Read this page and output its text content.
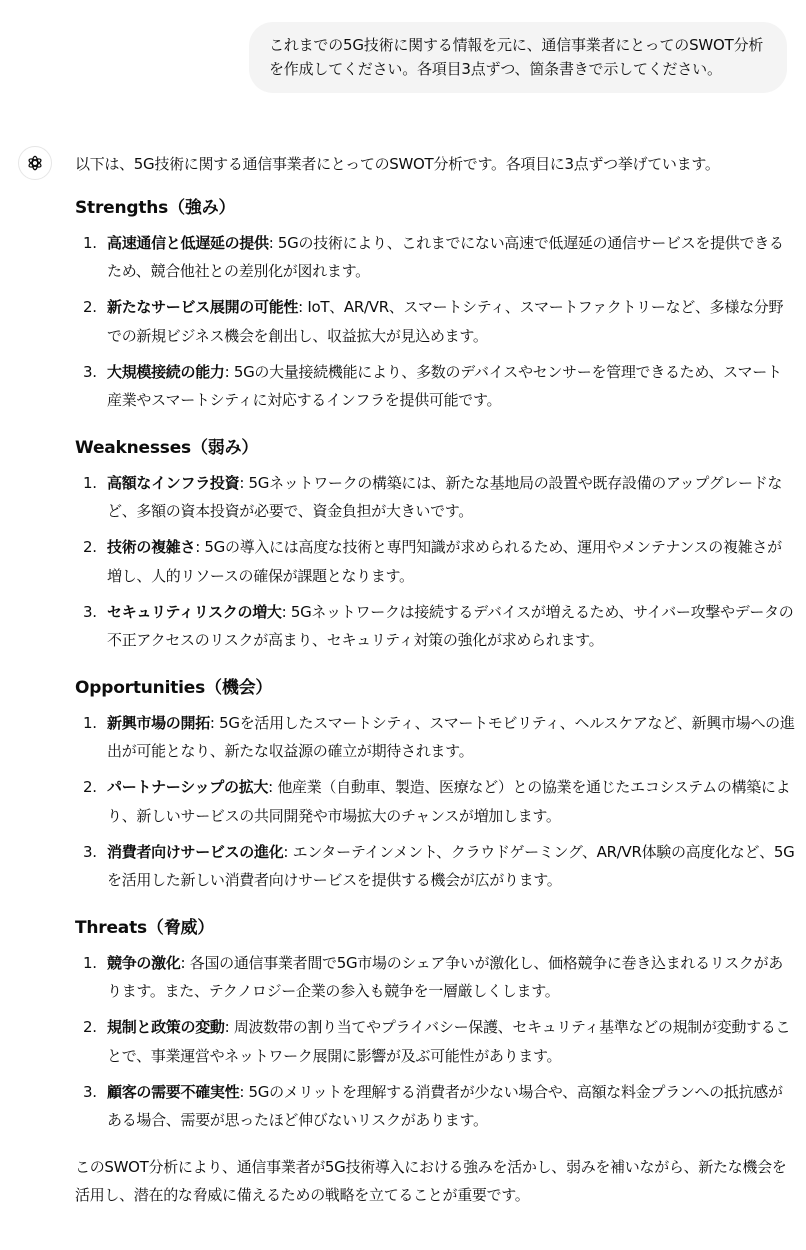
これまでの5G技術に関する情報を元に、通信事業者にとってのSWOT分析を作成してください。各項目3点ずつ、箇条書きで示してください。

以下は、5G技術に関する通信事業者にとってのSWOT分析です。各項目に3点ずつ挙げています。

Strengths（強み）
1. 高速通信と低遅延の提供: 5Gの技術により、これまでにない高速で低遅延の通信サービスを提供できるため、競合他社との差別化が図れます。
2. 新たなサービス展開の可能性: IoT、AR/VR、スマートシティ、スマートファクトリーなど、多様な分野での新規ビジネス機会を創出し、収益拡大が見込めます。
3. 大規模接続の能力: 5Gの大量接続機能により、多数のデバイスやセンサーを管理できるため、スマート産業やスマートシティに対応するインフラを提供可能です。
Weaknesses（弱み）
1. 高額なインフラ投資: 5Gネットワークの構築には、新たな基地局の設置や既存設備のアップグレードなど、多額の資本投資が必要で、資金負担が大きいです。
2. 技術の複雑さ: 5Gの導入には高度な技術と専門知識が求められるため、運用やメンテナンスの複雑さが増し、人的リソースの確保が課題となります。
3. セキュリティリスクの増大: 5Gネットワークは接続するデバイスが増えるため、サイバー攻撃やデータの不正アクセスのリスクが高まり、セキュリティ対策の強化が求められます。
Opportunities（機会）
1. 新興市場の開拓: 5Gを活用したスマートシティ、スマートモビリティ、ヘルスケアなど、新興市場への進出が可能となり、新たな収益源の確立が期待されます。
2. パートナーシップの拡大: 他産業（自動車、製造、医療など）との協業を通じたエコシステムの構築により、新しいサービスの共同開発や市場拡大のチャンスが増加します。
3. 消費者向けサービスの進化: エンターテインメント、クラウドゲーミング、AR/VR体験の高度化など、5Gを活用した新しい消費者向けサービスを提供する機会が広がります。
Threats（脅威）
1. 競争の激化: 各国の通信事業者間で5G市場のシェア争いが激化し、価格競争に巻き込まれるリスクがあります。また、テクノロジー企業の参入も競争を一層厳しくします。
2. 規制と政策の変動: 周波数帯の割り当てやプライバシー保護、セキュリティ基準などの規制が変動することで、事業運営やネットワーク展開に影響が及ぶ可能性があります。
3. 顧客の需要不確実性: 5Gのメリットを理解する消費者が少ない場合や、高額な料金プランへの抵抗感がある場合、需要が思ったほど伸びないリスクがあります。

このSWOT分析により、通信事業者が5G技術導入における強みを活かし、弱みを補いながら、新たな機会を活用し、潜在的な脅威に備えるための戦略を立てることが重要です。
